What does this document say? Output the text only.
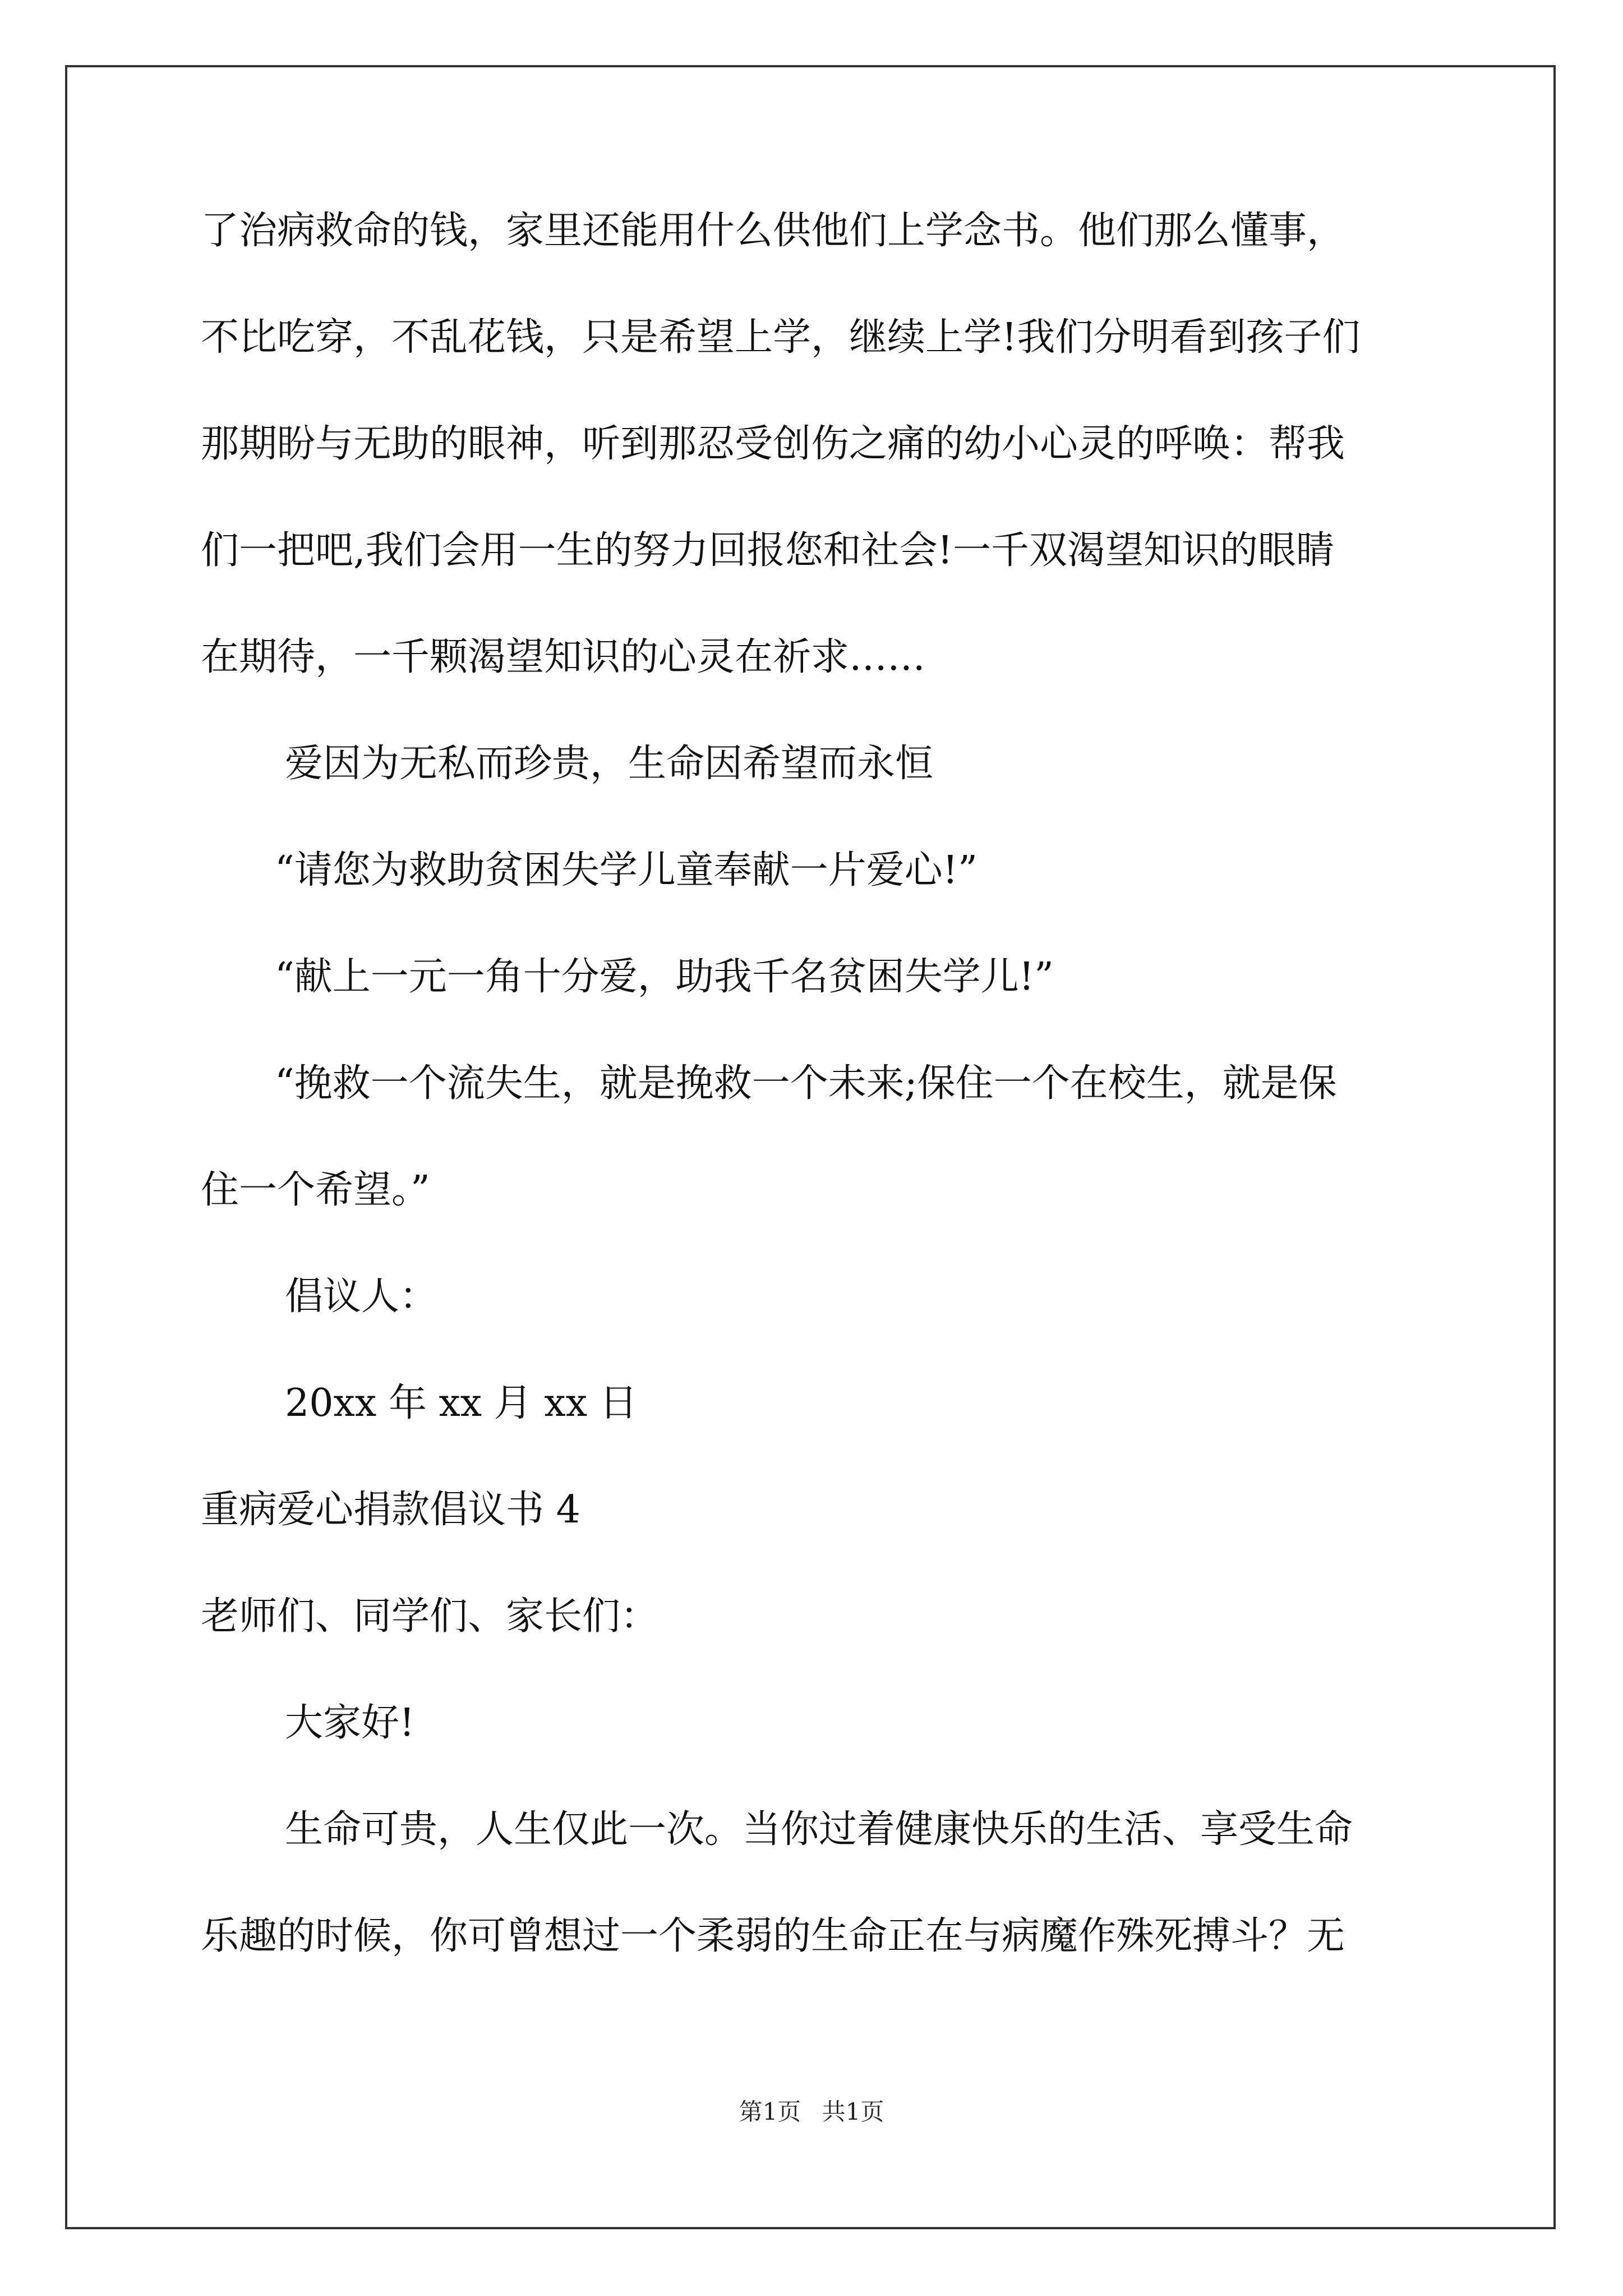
了治病救命的钱，家里还能用什么供他们上学念书。他们那么懂事，
不比吃穿，不乱花钱，只是希望上学，继续上学!我们分明看到孩子们
那期盼与无助的眼神，听到那忍受创伤之痛的幼小心灵的呼唤：帮我
们一把吧,我们会用一生的努力回报您和社会!一千双渴望知识的眼睛
在期待，一千颗渴望知识的心灵在祈求……
爱因为无私而珍贵，生命因希望而永恒
“请您为救助贫困失学儿童奉献一片爱心!”
“献上一元一角十分爱，助我千名贫困失学儿!”
“挽救一个流失生，就是挽救一个未来;保住一个在校生，就是保
住一个希望。”
倡议人：
20xx 年 xx 月 xx 日
重病爱心捐款倡议书 4
老师们、同学们、家长们：
大家好!
生命可贵，人生仅此一次。当你过着健康快乐的生活、享受生命
乐趣的时候，你可曾想过一个柔弱的生命正在与病魔作殊死搏斗？无
第1页 共1页
